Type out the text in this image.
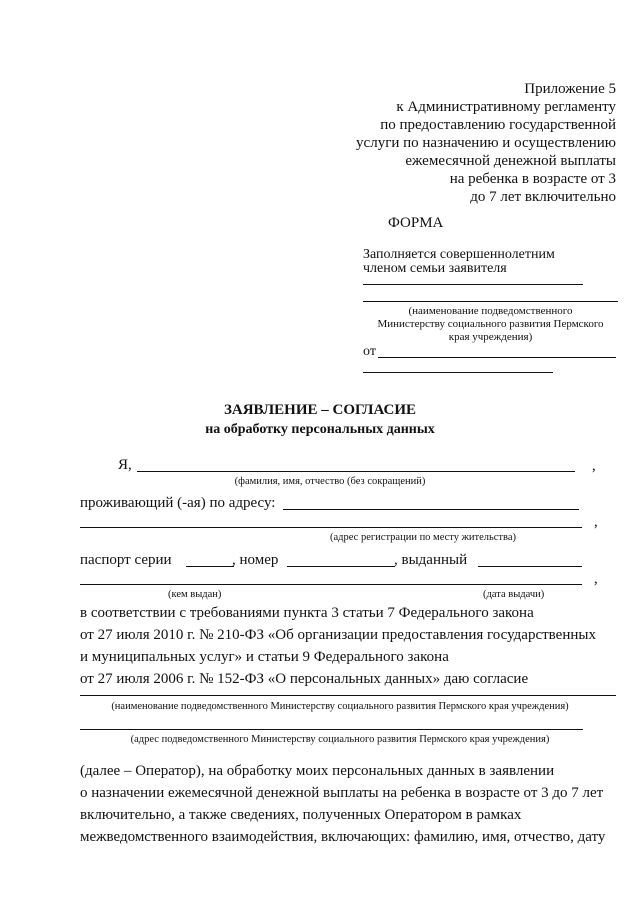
Приложение 5
к Административному регламенту
по предоставлению государственной
услуги по назначению и осуществлению
ежемесячной денежной выплаты
на ребенка в возрасте от 3
до 7 лет включительно
ФОРМА
Заполняется совершеннолетним
членом семьи заявителя
(наименование подведомственного
Министерству социального развития Пермского
края учреждения)
от
ЗАЯВЛЕНИЕ – СОГЛАСИЕ
на обработку персональных данных
Я,	,
(фамилия, имя, отчество (без сокращений)
проживающий (-ая) по адресу:
,
(адрес регистрации по месту жительства)
паспорт серии	, номер	, выданный
,
(кем выдан)	(дата выдачи)
в соответствии с требованиями пункта 3 статьи 7 Федерального закона
от 27 июля 2010 г. № 210-ФЗ «Об организации предоставления государственных
и муниципальных услуг» и статьи 9 Федерального закона
от 27 июля 2006 г. № 152-ФЗ «О персональных данных» даю согласие
(наименование подведомственного Министерству социального развития Пермского края учреждения)
(адрес подведомственного Министерству социального развития Пермского края учреждения)
(далее – Оператор), на обработку моих персональных данных в заявлении
о назначении ежемесячной денежной выплаты на ребенка в возрасте от 3 до 7 лет
включительно, а также сведениях, полученных Оператором в рамках
межведомственного взаимодействия, включающих: фамилию, имя, отчество, дату
